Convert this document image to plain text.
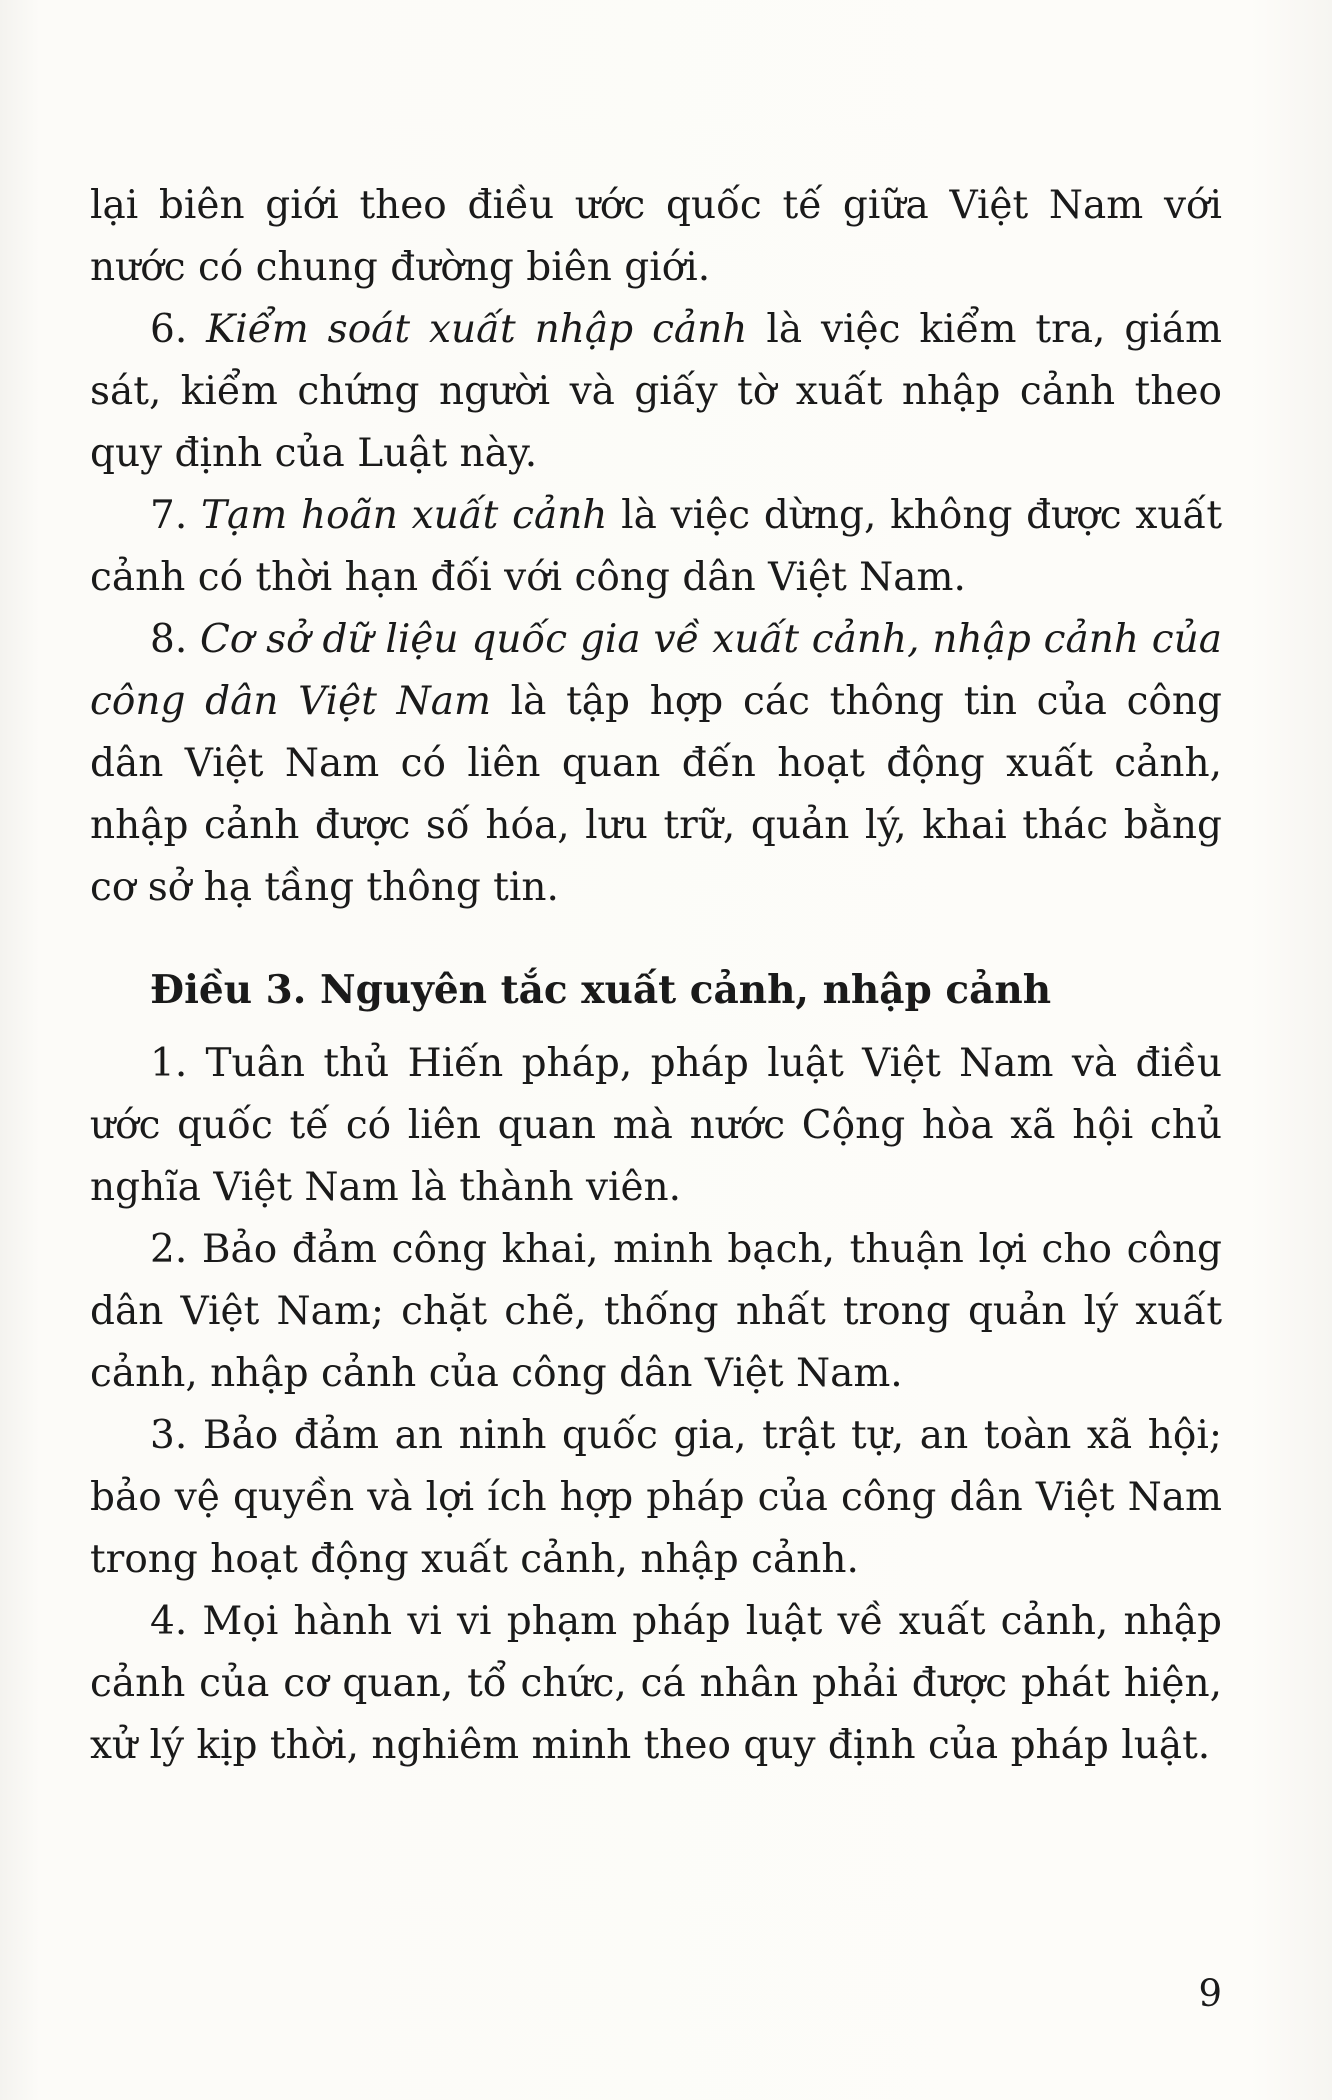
lại biên giới theo điều ước quốc tế giữa Việt Nam với nước có chung đường biên giới.

6. Kiểm soát xuất nhập cảnh là việc kiểm tra, giám sát, kiểm chứng người và giấy tờ xuất nhập cảnh theo quy định của Luật này.

7. Tạm hoãn xuất cảnh là việc dừng, không được xuất cảnh có thời hạn đối với công dân Việt Nam.

8. Cơ sở dữ liệu quốc gia về xuất cảnh, nhập cảnh của công dân Việt Nam là tập hợp các thông tin của công dân Việt Nam có liên quan đến hoạt động xuất cảnh, nhập cảnh được số hóa, lưu trữ, quản lý, khai thác bằng cơ sở hạ tầng thông tin.

Điều 3. Nguyên tắc xuất cảnh, nhập cảnh

1. Tuân thủ Hiến pháp, pháp luật Việt Nam và điều ước quốc tế có liên quan mà nước Cộng hòa xã hội chủ nghĩa Việt Nam là thành viên.

2. Bảo đảm công khai, minh bạch, thuận lợi cho công dân Việt Nam; chặt chẽ, thống nhất trong quản lý xuất cảnh, nhập cảnh của công dân Việt Nam.

3. Bảo đảm an ninh quốc gia, trật tự, an toàn xã hội; bảo vệ quyền và lợi ích hợp pháp của công dân Việt Nam trong hoạt động xuất cảnh, nhập cảnh.

4. Mọi hành vi vi phạm pháp luật về xuất cảnh, nhập cảnh của cơ quan, tổ chức, cá nhân phải được phát hiện, xử lý kịp thời, nghiêm minh theo quy định của pháp luật.

9
